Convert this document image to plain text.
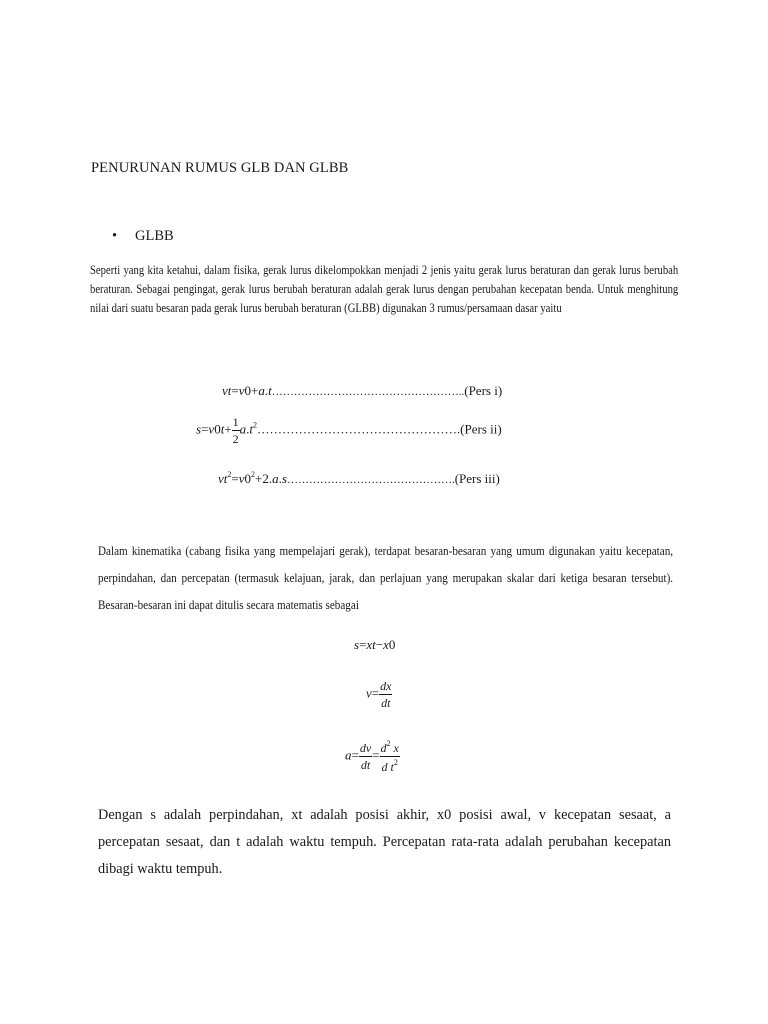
PENURUNAN RUMUS GLB DAN GLBB
• GLBB
Seperti yang kita ketahui, dalam fisika, gerak lurus dikelompokkan menjadi 2 jenis yaitu gerak lurus beraturan dan gerak lurus berubah beraturan. Sebagai pengingat, gerak lurus berubah beraturan adalah gerak lurus dengan perubahan kecepatan benda. Untuk menghitung nilai dari suatu besaran pada gerak lurus berubah beraturan (GLBB) digunakan 3 rumus/persamaan dasar yaitu
vt=v0+a.t……………………………………………..(Pers i)
$s=v0t+ \frac{1}{2}$ $a.t^2\dots\dots\dots\dots\dots\dots\dots\dots\dots\dots\dots\dots\dots\dots\dots\dots.(Pers$ ii)
$vt^2=v0^2+2.a.s\dots\dots\dots\dots\dots\dots\dots\dots\dots\dots\dots\dots\dots\dots\dots.(Pers$ iii)
Dalam kinematika (cabang fisika yang mempelajari gerak), terdapat besaran-besaran yang umum digunakan yaitu kecepatan, perpindahan, dan percepatan (termasuk kelajuan, jarak, dan perlajuan yang merupakan skalar dari ketiga besaran tersebut). Besaran-besaran ini dapat ditulis secara matematis sebagai
s=xt−x0
$v= \frac{dx}{dt}$
$a= \frac{dv}{dt} = \frac{d^2 x}{d t^2}$
Dengan s adalah perpindahan, xt adalah posisi akhir, x0 posisi awal, v kecepatan sesaat, a percepatan sesaat, dan t adalah waktu tempuh. Percepatan rata-rata adalah perubahan kecepatan dibagi waktu tempuh.
